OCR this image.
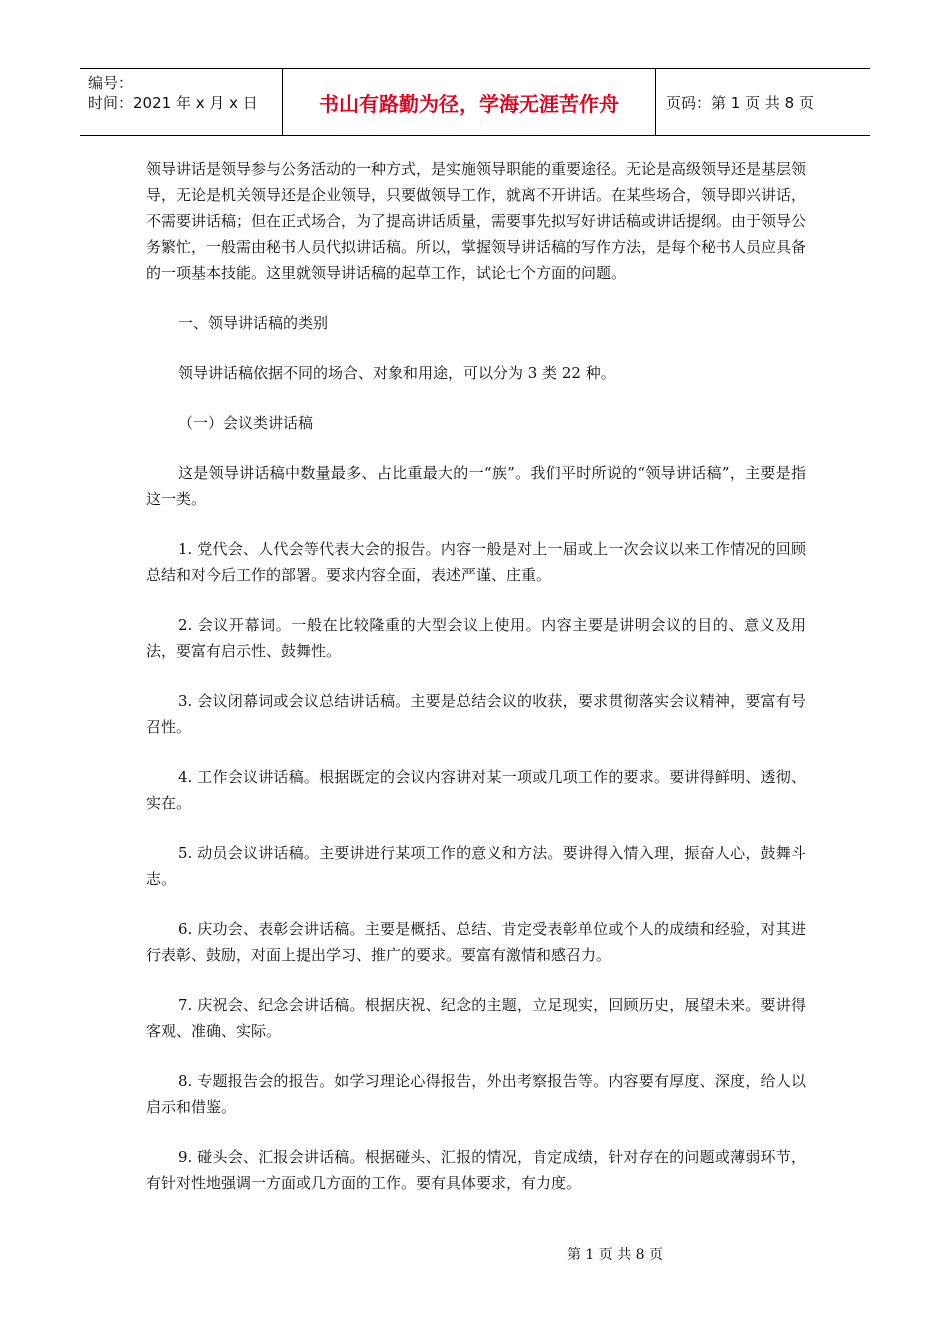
编号：
时间：2021 年 x 月 x 日	书山有路勤为径，学海无涯苦作舟	页码：第 1 页 共 8 页

领导讲话是领导参与公务活动的一种方式，是实施领导职能的重要途径。无论是高级领导还是基层领导，无论是机关领导还是企业领导，只要做领导工作，就离不开讲话。在某些场合，领导即兴讲话，不需要讲话稿；但在正式场合，为了提高讲话质量，需要事先拟写好讲话稿或讲话提纲。由于领导公务繁忙，一般需由秘书人员代拟讲话稿。所以，掌握领导讲话稿的写作方法，是每个秘书人员应具备的一项基本技能。这里就领导讲话稿的起草工作，试论七个方面的问题。

一、领导讲话稿的类别

领导讲话稿依据不同的场合、对象和用途，可以分为 3 类 22 种。

（一）会议类讲话稿

这是领导讲话稿中数量最多、占比重最大的一“族”。我们平时所说的“领导讲话稿”，主要是指这一类。

1. 党代会、人代会等代表大会的报告。内容一般是对上一届或上一次会议以来工作情况的回顾总结和对今后工作的部署。要求内容全面，表述严谨、庄重。

2. 会议开幕词。一般在比较隆重的大型会议上使用。内容主要是讲明会议的目的、意义及用法，要富有启示性、鼓舞性。

3. 会议闭幕词或会议总结讲话稿。主要是总结会议的收获，要求贯彻落实会议精神，要富有号召性。

4. 工作会议讲话稿。根据既定的会议内容讲对某一项或几项工作的要求。要讲得鲜明、透彻、实在。

5. 动员会议讲话稿。主要讲进行某项工作的意义和方法。要讲得入情入理，振奋人心，鼓舞斗志。

6. 庆功会、表彰会讲话稿。主要是概括、总结、肯定受表彰单位或个人的成绩和经验，对其进行表彰、鼓励，对面上提出学习、推广的要求。要富有激情和感召力。

7. 庆祝会、纪念会讲话稿。根据庆祝、纪念的主题，立足现实，回顾历史，展望未来。要讲得客观、准确、实际。

8. 专题报告会的报告。如学习理论心得报告，外出考察报告等。内容要有厚度、深度，给人以启示和借鉴。

9. 碰头会、汇报会讲话稿。根据碰头、汇报的情况，肯定成绩，针对存在的问题或薄弱环节，有针对性地强调一方面或几方面的工作。要有具体要求，有力度。

第 1 页 共 8 页
